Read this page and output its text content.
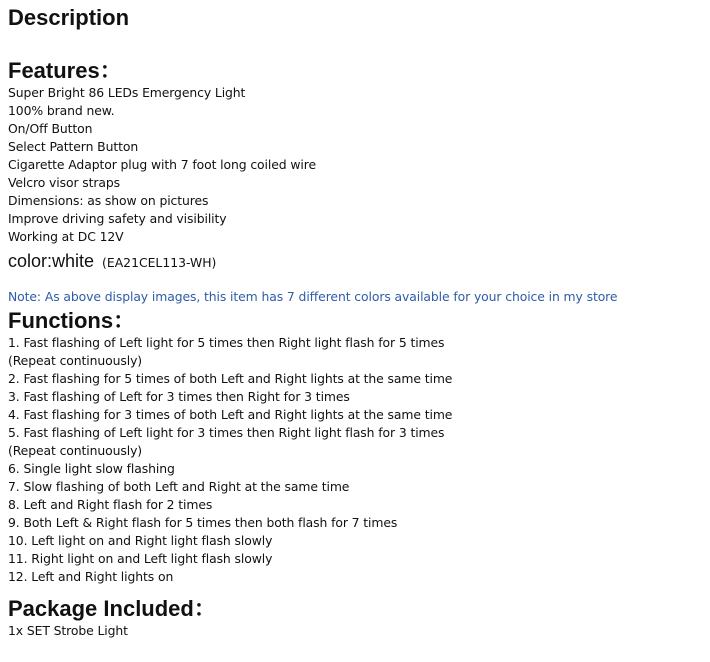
Description
Features：
Super Bright 86 LEDs Emergency Light
100% brand new.
On/Off Button
Select Pattern Button
Cigarette Adaptor plug with 7 foot long coiled wire
Velcro visor straps
Dimensions: as show on pictures
Improve driving safety and visibility
Working at DC 12V
color:white (EA21CEL113-WH)
Note: As above display images, this item has 7 different colors available for your choice in my store
Functions：
1. Fast flashing of Left light for 5 times then Right light flash for 5 times
(Repeat continuously)
2. Fast flashing for 5 times of both Left and Right lights at the same time
3. Fast flashing of Left for 3 times then Right for 3 times
4. Fast flashing for 3 times of both Left and Right lights at the same time
5. Fast flashing of Left light for 3 times then Right light flash for 3 times
(Repeat continuously)
6. Single light slow flashing
7. Slow flashing of both Left and Right at the same time
8. Left and Right flash for 2 times
9. Both Left & Right flash for 5 times then both flash for 7 times
10. Left light on and Right light flash slowly
11. Right light on and Left light flash slowly
12. Left and Right lights on
Package Included：
1x SET Strobe Light
